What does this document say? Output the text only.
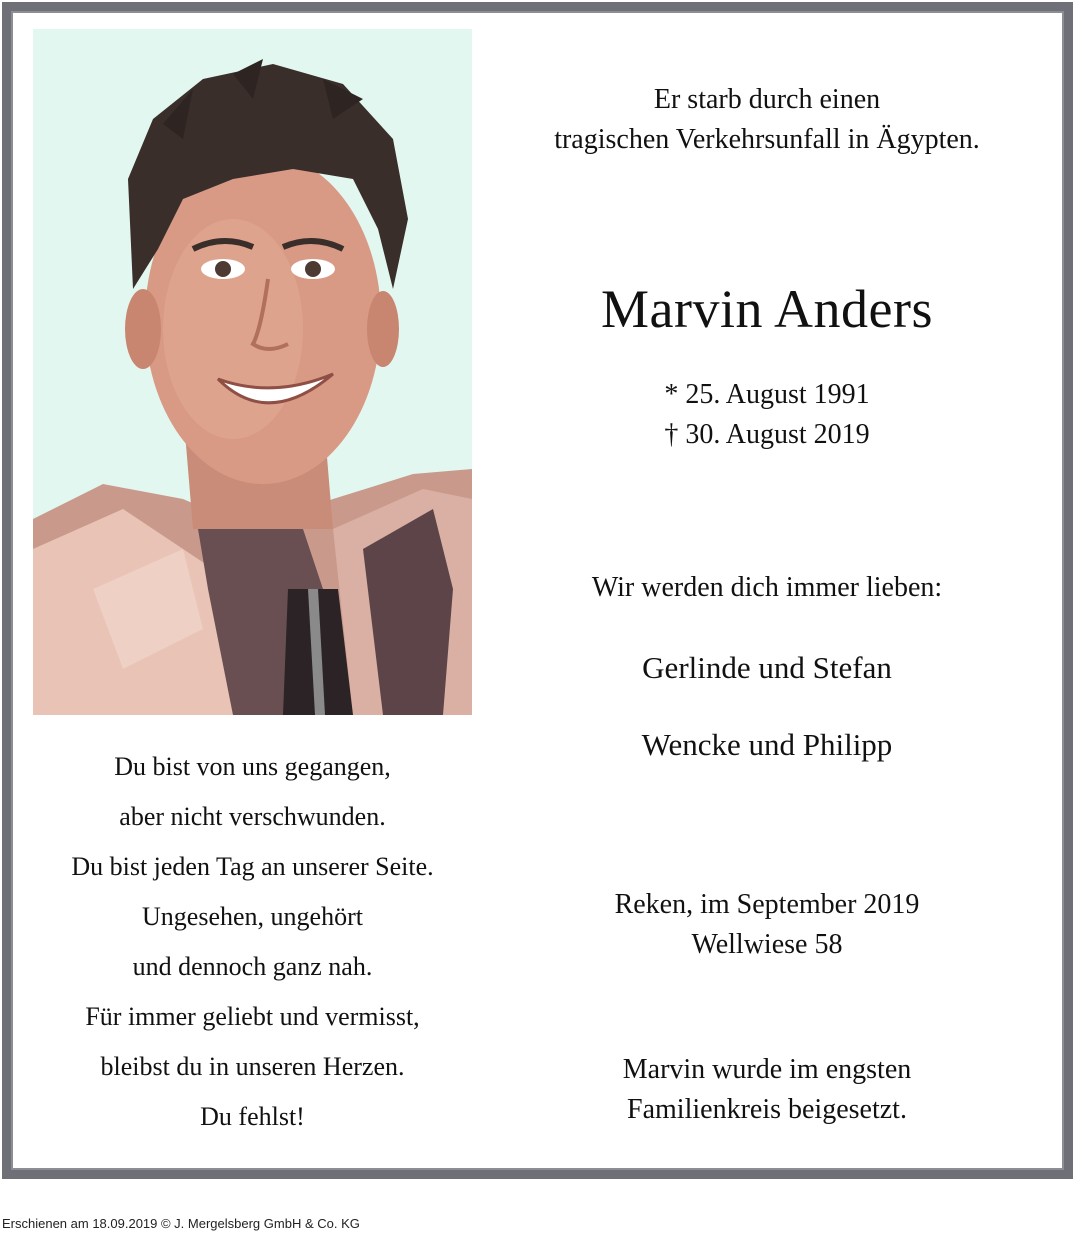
Er starb durch einen

tragischen Verkehrsunfall in Ägypten.

Marvin Anders

* 25. August 1991

† 30. August 2019

Wir werden dich immer lieben:

Gerlinde und Stefan

Wencke und Philipp

Reken, im September 2019

Wellwiese 58

Marvin wurde im engsten

Familienkreis beigesetzt.

Du bist von uns gegangen,

aber nicht verschwunden.

Du bist jeden Tag an unserer Seite.

Ungesehen, ungehört

und dennoch ganz nah.

Für immer geliebt und vermisst,

bleibst du in unseren Herzen.

Du fehlst!

Erschienen am 18.09.2019 © J. Mergelsberg GmbH & Co. KG
